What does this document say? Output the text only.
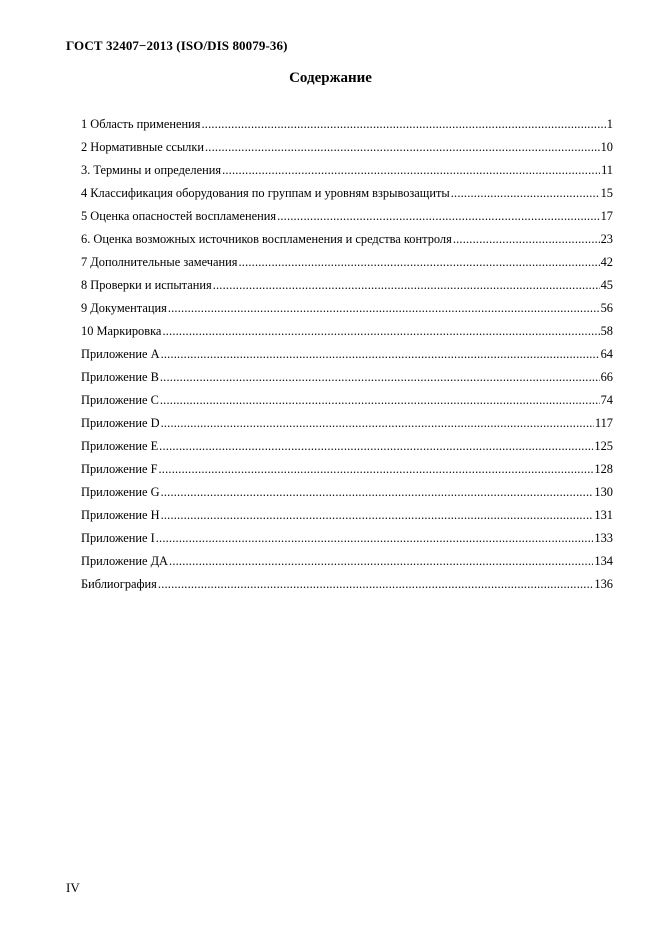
ГОСТ 32407−2013 (ISO/DIS 80079-36)
Содержание
1 Область применения .....	1
2 Нормативные ссылки .....	10
3. Термины и определения .....	11
4 Классификация оборудования по группам и уровням взрывозащиты .....	15
5 Оценка опасностей воспламенения .....	17
6. Оценка возможных источников воспламенения и средства контроля .....	23
7 Дополнительные замечания .....	42
8 Проверки и испытания .....	45
9 Документация .....	56
10 Маркировка .....	58
Приложение А .....	64
Приложение В .....	66
Приложение С .....	74
Приложение D .....	117
Приложение Е .....	125
Приложение F .....	128
Приложение G .....	130
Приложение H .....	131
Приложение I .....	133
Приложение ДА .....	134
Библиография .....	136
IV
